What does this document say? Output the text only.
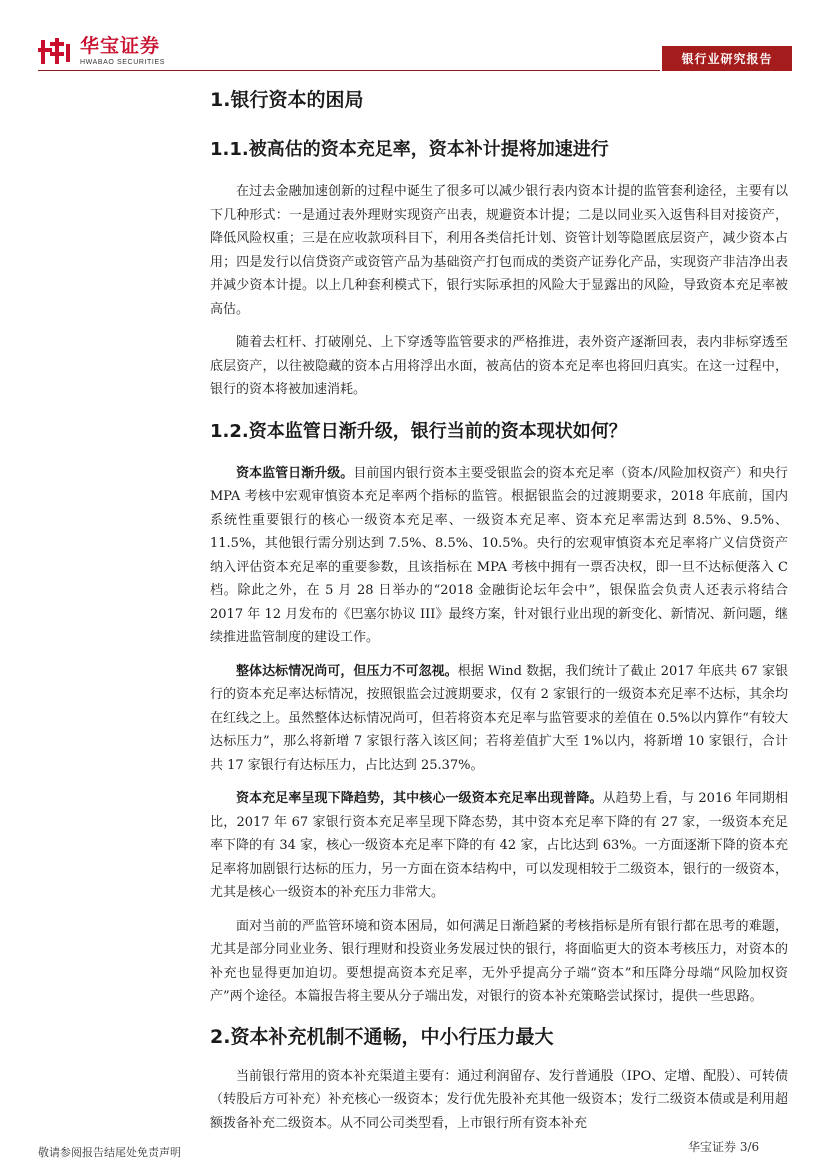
华宝证券
HWABAO SECURITIES	银行业研究报告
1.银行资本的困局
1.1.被高估的资本充足率，资本补计提将加速进行

在过去金融加速创新的过程中诞生了很多可以减少银行表内资本计提的监管套利途径，主要有以下几种形式：一是通过表外理财实现资产出表，规避资本计提；二是以同业买入返售科目对接资产，降低风险权重；三是在应收款项科目下，利用各类信托计划、资管计划等隐匿底层资产，减少资本占用；四是发行以信贷资产或资管产品为基础资产打包而成的类资产证券化产品，实现资产非洁净出表并减少资本计提。以上几种套利模式下，银行实际承担的风险大于显露出的风险，导致资本充足率被高估。

随着去杠杆、打破刚兑、上下穿透等监管要求的严格推进，表外资产逐渐回表，表内非标穿透至底层资产，以往被隐藏的资本占用将浮出水面，被高估的资本充足率也将回归真实。在这一过程中，银行的资本将被加速消耗。

1.2.资本监管日渐升级，银行当前的资本现状如何？

资本监管日渐升级。目前国内银行资本主要受银监会的资本充足率（资本/风险加权资产）和央行 MPA 考核中宏观审慎资本充足率两个指标的监管。根据银监会的过渡期要求，2018 年底前，国内系统性重要银行的核心一级资本充足率、一级资本充足率、资本充足率需达到 8.5%、9.5%、11.5%，其他银行需分别达到 7.5%、8.5%、10.5%。央行的宏观审慎资本充足率将广义信贷资产纳入评估资本充足率的重要参数，且该指标在 MPA 考核中拥有一票否决权，即一旦不达标便落入 C 档。除此之外，在 5 月 28 日举办的“2018 金融街论坛年会中”，银保监会负责人还表示将结合 2017 年 12 月发布的《巴塞尔协议 III》最终方案，针对银行业出现的新变化、新情况、新问题，继续推进监管制度的建设工作。

整体达标情况尚可，但压力不可忽视。根据 Wind 数据，我们统计了截止 2017 年底共 67 家银行的资本充足率达标情况，按照银监会过渡期要求，仅有 2 家银行的一级资本充足率不达标，其余均在红线之上。虽然整体达标情况尚可，但若将资本充足率与监管要求的差值在 0.5%以内算作“有较大达标压力”，那么将新增 7 家银行落入该区间；若将差值扩大至 1%以内，将新增 10 家银行，合计共 17 家银行有达标压力，占比达到 25.37%。

资本充足率呈现下降趋势，其中核心一级资本充足率出现普降。从趋势上看，与 2016 年同期相比，2017 年 67 家银行资本充足率呈现下降态势，其中资本充足率下降的有 27 家，一级资本充足率下降的有 34 家，核心一级资本充足率下降的有 42 家，占比达到 63%。一方面逐渐下降的资本充足率将加剧银行达标的压力，另一方面在资本结构中，可以发现相较于二级资本，银行的一级资本，尤其是核心一级资本的补充压力非常大。

面对当前的严监管环境和资本困局，如何满足日渐趋紧的考核指标是所有银行都在思考的难题，尤其是部分同业业务、银行理财和投资业务发展过快的银行，将面临更大的资本考核压力，对资本的补充也显得更加迫切。要想提高资本充足率，无外乎提高分子端“资本”和压降分母端“风险加权资产”两个途径。本篇报告将主要从分子端出发，对银行的资本补充策略尝试探讨，提供一些思路。

2.资本补充机制不通畅，中小行压力最大

当前银行常用的资本补充渠道主要有：通过利润留存、发行普通股（IPO、定增、配股）、可转债（转股后方可补充）补充核心一级资本；发行优先股补充其他一级资本；发行二级资本债或是利用超额拨备补充二级资本。从不同公司类型看，上市银行所有资本补充

敬请参阅报告结尾处免责声明	华宝证券 3/6
